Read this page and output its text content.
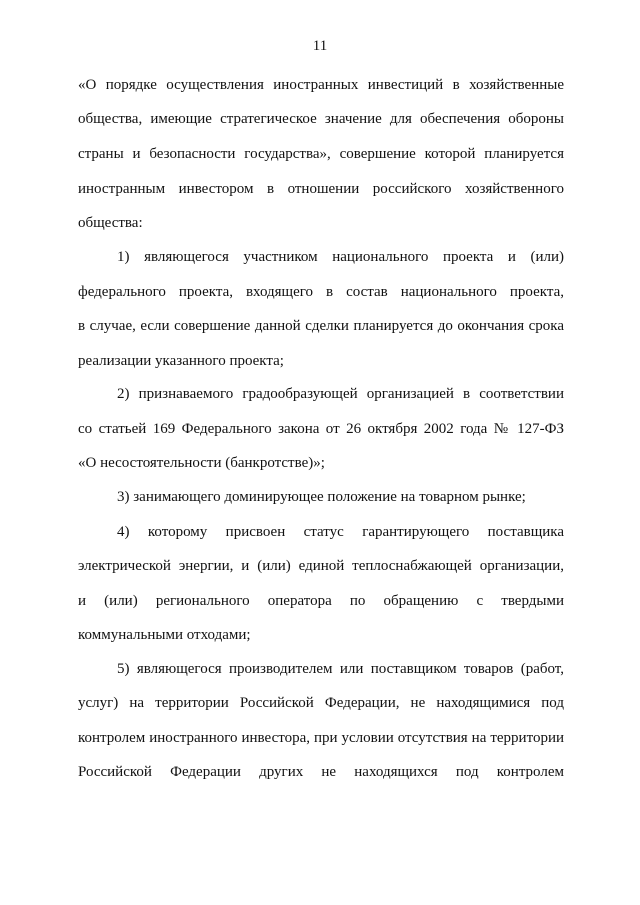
11
«О порядке осуществления иностранных инвестиций в хозяйственные
общества, имеющие стратегическое значение для обеспечения обороны
страны и безопасности государства», совершение которой планируется
иностранным инвестором в отношении российского хозяйственного
общества:
1) являющегося участником национального проекта и (или)
федерального проекта, входящего в состав национального проекта,
в случае, если совершение данной сделки планируется до окончания срока
реализации указанного проекта;
2) признаваемого градообразующей организацией в соответствии
со статьей 169 Федерального закона от 26 октября 2002 года № 127-ФЗ
«О несостоятельности (банкротстве)»;
3) занимающего доминирующее положение на товарном рынке;
4) которому присвоен статус гарантирующего поставщика
электрической энергии, и (или) единой теплоснабжающей организации,
и (или) регионального оператора по обращению с твердыми
коммунальными отходами;
5) являющегося производителем или поставщиком товаров (работ,
услуг) на территории Российской Федерации, не находящимися под
контролем иностранного инвестора, при условии отсутствия на территории
Российской Федерации других не находящихся под контролем
